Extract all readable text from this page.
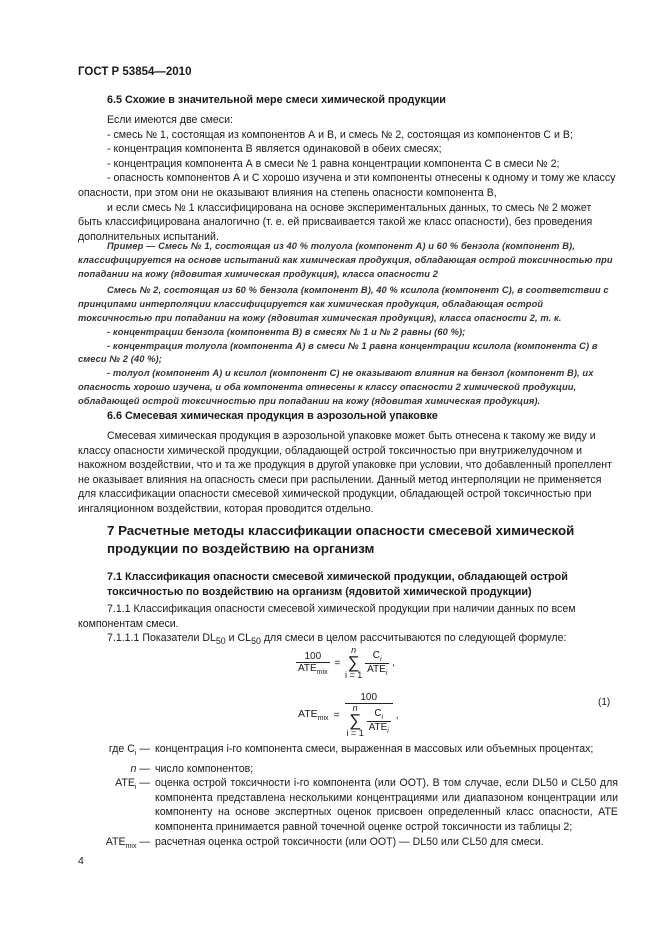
ГОСТ Р 53854—2010
6.5 Схожие в значительной мере смеси химической продукции

Если имеются две смеси:

- смесь № 1, состоящая из компонентов А и В, и смесь № 2, состоящая из компонентов С и В;

- концентрация компонента В является одинаковой в обеих смесях;

- концентрация компонента А в смеси № 1 равна концентрации компонента С в смеси № 2;

- опасность компонентов А и С хорошо изучена и эти компоненты отнесены к одному и тому же классу опасности, при этом они не оказывают влияния на степень опасности компонента В,

и если смесь № 1 классифицирована на основе экспериментальных данных, то смесь № 2 может быть классифицирована аналогично (т. е. ей присваивается такой же класс опасности), без проведения дополнительных испытаний.

Пример — Смесь № 1, состоящая из 40 % толуола (компонент А) и 60 % бензола (компонент В), классифицируется на основе испытаний как химическая продукция, обладающая острой токсичностью при попадании на кожу (ядовитая химическая продукция), класса опасности 2

Смесь № 2, состоящая из 60 % бензола (компонент В), 40 % ксилола (компонент С), в соответствии с принципами интерполяции классифицируется как химическая продукция, обладающая острой токсичностью при попадании на кожу (ядовитая химическая продукция), класса опасности 2, т. к.

- концентрации бензола (компонента В) в смесях № 1 и № 2 равны (60 %);

- концентрация толуола (компонента А) в смеси № 1 равна концентрации ксилола (компонента С) в смеси № 2 (40 %);

- толуол (компонент А) и ксилол (компонент С) не оказывают влияния на бензол (компонент В), их опасность хорошо изучена, и оба компонента отнесены к классу опасности 2 химической продукции, обладающей острой токсичностью при попадании на кожу (ядовитая химическая продукция).

6.6 Смесевая химическая продукция в аэрозольной упаковке

Смесевая химическая продукция в аэрозольной упаковке может быть отнесена к такому же виду и классу опасности химической продукции, обладающей острой токсичностью при внутрижелудочном и накожном воздействии, что и та же продукция в другой упаковке при условии, что добавленный пропеллент не оказывает влияния на опасность смеси при распылении. Данный метод интерполяции не применяется для классификации опасности смесевой химической продукции, обладающей острой токсичностью при ингаляционном воздействии, которая проводится отдельно.

7 Расчетные методы классификации опасности смесевой химической продукции по воздействию на организм
7.1 Классификация опасности смесевой химической продукции, обладающей острой токсичностью по воздействию на организм (ядовитой химической продукции)

7.1.1 Классификация опасности смесевой химической продукции при наличии данных по всем компонентам смеси.

7.1.1.1 Показатели $DL_{50}$ и $CL_{50}$ для смеси в целом рассчитываются по следующей формуле:

$\frac{100}{ATE_{mix}} = n$
∑
$i = 1 \frac{C_i}{ATE_i}$ ,
$ATE_{mix}$ =
100
n
∑
$i = 1 \frac{C_i}{ATE_i}$ ,
(1)
где $C_i$ — концентрация i-го компонента смеси, выраженная в массовых или объемных процентах;
n — число компонентов;
$ATE_i$ — оценка острой токсичности i-го компонента (или OOT). В том случае, если DL50 и CL50 для компонента представлена несколькими концентрациями или диапазоном концентрации или компоненту на основе экспертных оценок присвоен определенный класс опасности, ATE компонента принимается равной точечной оценке острой токсичности из таблицы 2;
$ATE_{mix}$ — расчетная оценка острой токсичности (или OOT) — DL50 или CL50 для смеси.
4
